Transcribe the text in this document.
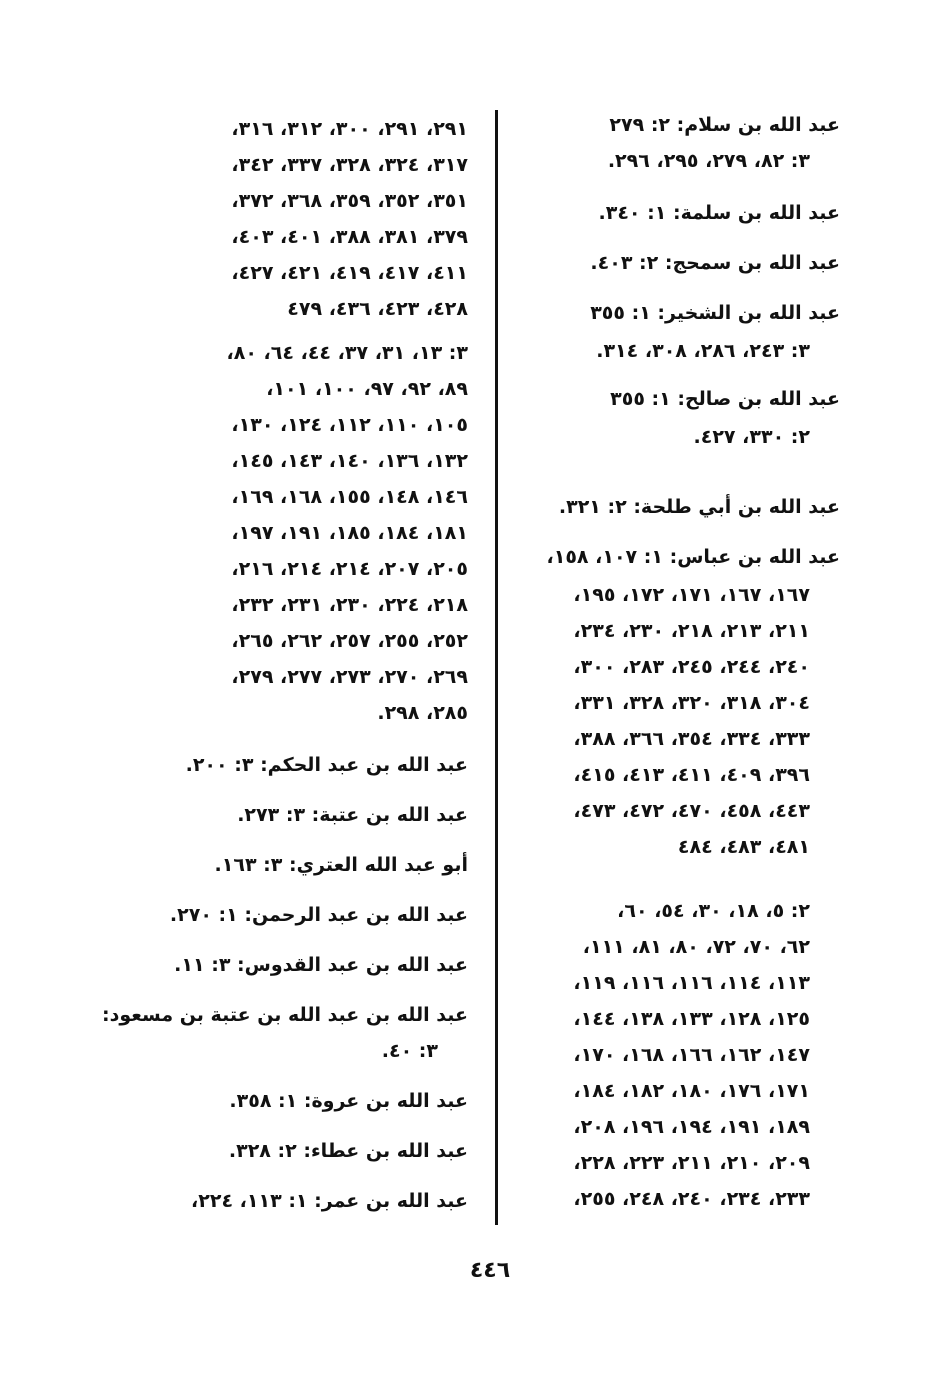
عبد الله بن سلام: ٢: ٢٧٩
٣: ٨٢، ٢٧٩، ٢٩٥، ٢٩٦.
عبد الله بن سلمة: ١: ٣٤٠.
عبد الله بن سمحج: ٢: ٤٠٣.
عبد الله بن الشخير: ١: ٣٥٥
٣: ٢٤٣، ٢٨٦، ٣٠٨، ٣١٤.
عبد الله بن صالح: ١: ٣٥٥
٢: ٣٣٠، ٤٢٧.
عبد الله بن أبي طلحة: ٢: ٣٢١.
عبد الله بن عباس: ١: ١٠٧، ١٥٨،
١٦٧، ١٦٧، ١٧١، ١٧٢، ١٩٥،
٢١١، ٢١٣، ٢١٨، ٢٣٠، ٢٣٤،
٢٤٠، ٢٤٤، ٢٤٥، ٢٨٣، ٣٠٠،
٣٠٤، ٣١٨، ٣٢٠، ٣٢٨، ٣٣١،
٣٣٣، ٣٣٤، ٣٥٤، ٣٦٦، ٣٨٨،
٣٩٦، ٤٠٩، ٤١١، ٤١٣، ٤١٥،
٤٤٣، ٤٥٨، ٤٧٠، ٤٧٢، ٤٧٣،
٤٨١، ٤٨٣، ٤٨٤
٢: ٥، ١٨، ٣٠، ٥٤، ٦٠،
٦٢، ٧٠، ٧٢، ٨٠، ٨١، ١١١،
١١٣، ١١٤، ١١٦، ١١٦، ١١٩،
١٢٥، ١٢٨، ١٣٣، ١٣٨، ١٤٤،
١٤٧، ١٦٢، ١٦٦، ١٦٨، ١٧٠،
١٧١، ١٧٦، ١٨٠، ١٨٢، ١٨٤،
١٨٩، ١٩١، ١٩٤، ١٩٦، ٢٠٨،
٢٠٩، ٢١٠، ٢١١، ٢٢٣، ٢٢٨،
٢٣٣، ٢٣٤، ٢٤٠، ٢٤٨، ٢٥٥،
٢٩١، ٢٩١، ٣٠٠، ٣١٢، ٣١٦،
٣١٧، ٣٢٤، ٣٢٨، ٣٣٧، ٣٤٢،
٣٥١، ٣٥٢، ٣٥٩، ٣٦٨، ٣٧٢،
٣٧٩، ٣٨١، ٣٨٨، ٤٠١، ٤٠٣،
٤١١، ٤١٧، ٤١٩، ٤٢١، ٤٢٧،
٤٢٨، ٤٢٣، ٤٣٦، ٤٧٩
٣: ١٣، ٣١، ٣٧، ٤٤، ٦٤، ٨٠،
٨٩، ٩٢، ٩٧، ١٠٠، ١٠١،
١٠٥، ١١٠، ١١٢، ١٢٤، ١٣٠،
١٣٢، ١٣٦، ١٤٠، ١٤٣، ١٤٥،
١٤٦، ١٤٨، ١٥٥، ١٦٨، ١٦٩،
١٨١، ١٨٤، ١٨٥، ١٩١، ١٩٧،
٢٠٥، ٢٠٧، ٢١٤، ٢١٤، ٢١٦،
٢١٨، ٢٢٤، ٢٣٠، ٢٣١، ٢٣٢،
٢٥٢، ٢٥٥، ٢٥٧، ٢٦٢، ٢٦٥،
٢٦٩، ٢٧٠، ٢٧٣، ٢٧٧، ٢٧٩،
٢٨٥، ٢٩٨.
عبد الله بن عبد الحكم: ٣: ٢٠٠.
عبد الله بن عتبة: ٣: ٢٧٣.
أبو عبد الله العتري: ٣: ١٦٣.
عبد الله بن عبد الرحمن: ١: ٢٧٠.
عبد الله بن عبد القدوس: ٣: ١١.
عبد الله بن عبد الله بن عتبة بن مسعود:
٣: ٤٠.
عبد الله بن عروة: ١: ٣٥٨.
عبد الله بن عطاء: ٢: ٣٢٨.
عبد الله بن عمر: ١: ١١٣، ٢٢٤،
٤٤٦
